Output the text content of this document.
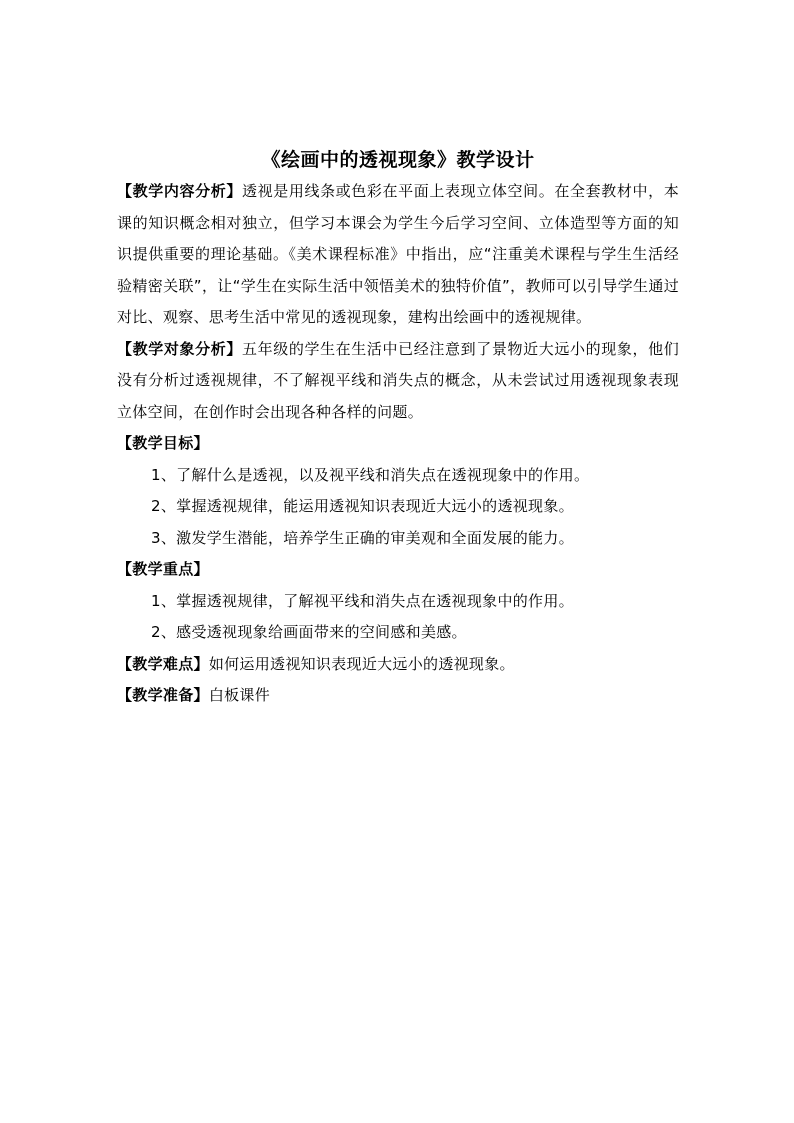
《绘画中的透视现象》教学设计

【教学内容分析】透视是用线条或色彩在平面上表现立体空间。在全套教材中，本课的知识概念相对独立，但学习本课会为学生今后学习空间、立体造型等方面的知识提供重要的理论基础。《美术课程标准》中指出，应“注重美术课程与学生生活经验精密关联”，让“学生在实际生活中领悟美术的独特价值”，教师可以引导学生通过对比、观察、思考生活中常见的透视现象，建构出绘画中的透视规律。

【教学对象分析】五年级的学生在生活中已经注意到了景物近大远小的现象，他们没有分析过透视规律，不了解视平线和消失点的概念，从未尝试过用透视现象表现立体空间，在创作时会出现各种各样的问题。

【教学目标】

1、了解什么是透视，以及视平线和消失点在透视现象中的作用。

2、掌握透视规律，能运用透视知识表现近大远小的透视现象。

3、激发学生潜能，培养学生正确的审美观和全面发展的能力。

【教学重点】

1、掌握透视规律，了解视平线和消失点在透视现象中的作用。

2、感受透视现象给画面带来的空间感和美感。

【教学难点】如何运用透视知识表现近大远小的透视现象。

【教学准备】白板课件
